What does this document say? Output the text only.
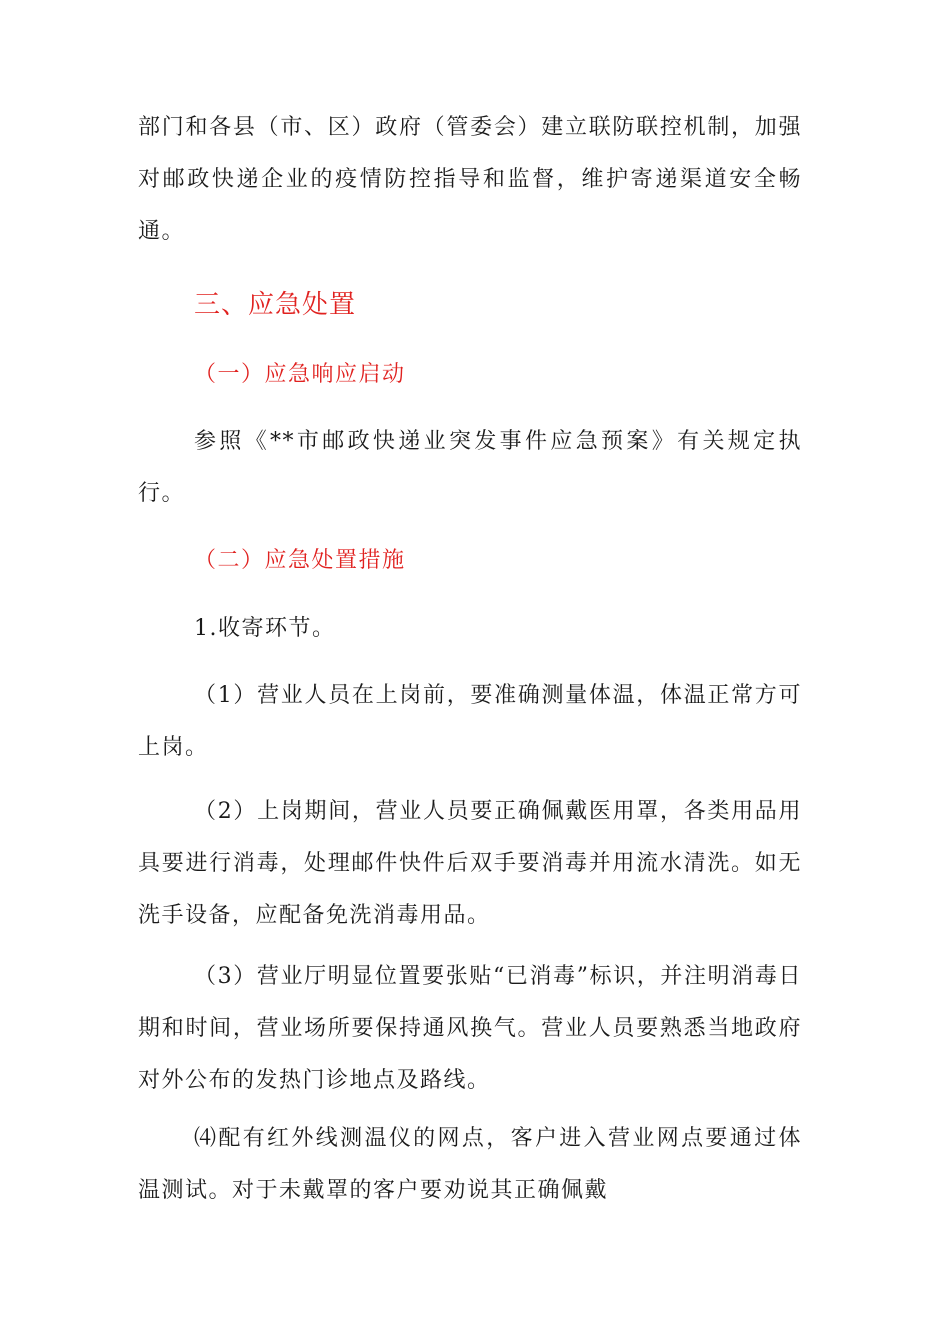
部门和各县（市、区）政府（管委会）建立联防联控机制，加强对邮政快递企业的疫情防控指导和监督，维护寄递渠道安全畅通。

三、应急处置

（一）应急响应启动

参照《**市邮政快递业突发事件应急预案》有关规定执行。

（二）应急处置措施

1.收寄环节。

（1）营业人员在上岗前，要准确测量体温，体温正常方可上岗。

（2）上岗期间，营业人员要正确佩戴医用罩，各类用品用具要进行消毒，处理邮件快件后双手要消毒并用流水清洗。如无洗手设备，应配备免洗消毒用品。

（3）营业厅明显位置要张贴“已消毒”标识，并注明消毒日期和时间，营业场所要保持通风换气。营业人员要熟悉当地政府对外公布的发热门诊地点及路线。

⑷配有红外线测温仪的网点，客户进入营业网点要通过体温测试。对于未戴罩的客户要劝说其正确佩戴
